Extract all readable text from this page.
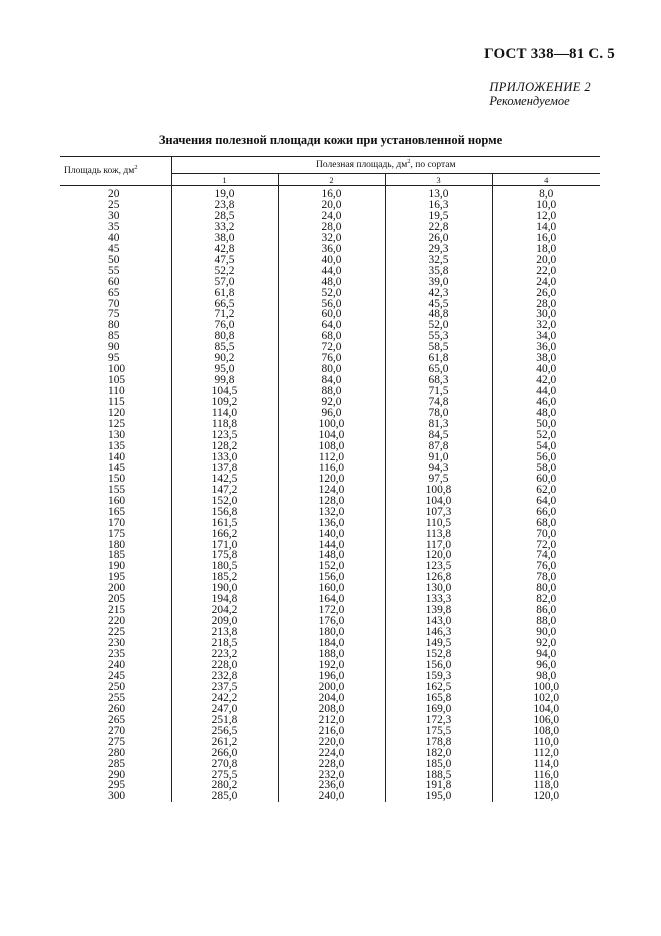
ГОСТ 338—81 С. 5
ПРИЛОЖЕНИЕ 2
Рекомендуемое
Значения полезной площади кожи при установленной норме
Площадь кож, $дм^2$	Полезная площадь, $дм^2$, по сортам			
	1	2	3	4
20	19,0	16,0	13,0	8,0
25	23,8	20,0	16,3	10,0
30	28,5	24,0	19,5	12,0
35	33,2	28,0	22,8	14,0
40	38,0	32,0	26,0	16,0
45	42,8	36,0	29,3	18,0
50	47,5	40,0	32,5	20,0
55	52,2	44,0	35,8	22,0
60	57,0	48,0	39,0	24,0
65	61,8	52,0	42,3	26,0
70	66,5	56,0	45,5	28,0
75	71,2	60,0	48,8	30,0
80	76,0	64,0	52,0	32,0
85	80,8	68,0	55,3	34,0
90	85,5	72,0	58,5	36,0
95	90,2	76,0	61,8	38,0
100	95,0	80,0	65,0	40,0
105	99,8	84,0	68,3	42,0
110	104,5	88,0	71,5	44,0
115	109,2	92,0	74,8	46,0
120	114,0	96,0	78,0	48,0
125	118,8	100,0	81,3	50,0
130	123,5	104,0	84,5	52,0
135	128,2	108,0	87,8	54,0
140	133,0	112,0	91,0	56,0
145	137,8	116,0	94,3	58,0
150	142,5	120,0	97,5	60,0
155	147,2	124,0	100,8	62,0
160	152,0	128,0	104,0	64,0
165	156,8	132,0	107,3	66,0
170	161,5	136,0	110,5	68,0
175	166,2	140,0	113,8	70,0
180	171,0	144,0	117,0	72,0
185	175,8	148,0	120,0	74,0
190	180,5	152,0	123,5	76,0
195	185,2	156,0	126,8	78,0
200	190,0	160,0	130,0	80,0
205	194,8	164,0	133,3	82,0
215	204,2	172,0	139,8	86,0
220	209,0	176,0	143,0	88,0
225	213,8	180,0	146,3	90,0
230	218,5	184,0	149,5	92,0
235	223,2	188,0	152,8	94,0
240	228,0	192,0	156,0	96,0
245	232,8	196,0	159,3	98,0
250	237,5	200,0	162,5	100,0
255	242,2	204,0	165,8	102,0
260	247,0	208,0	169,0	104,0
265	251,8	212,0	172,3	106,0
270	256,5	216,0	175,5	108,0
275	261,2	220,0	178,8	110,0
280	266,0	224,0	182,0	112,0
285	270,8	228,0	185,0	114,0
290	275,5	232,0	188,5	116,0
295	280,2	236,0	191,8	118,0
300	285,0	240,0	195,0	120,0
